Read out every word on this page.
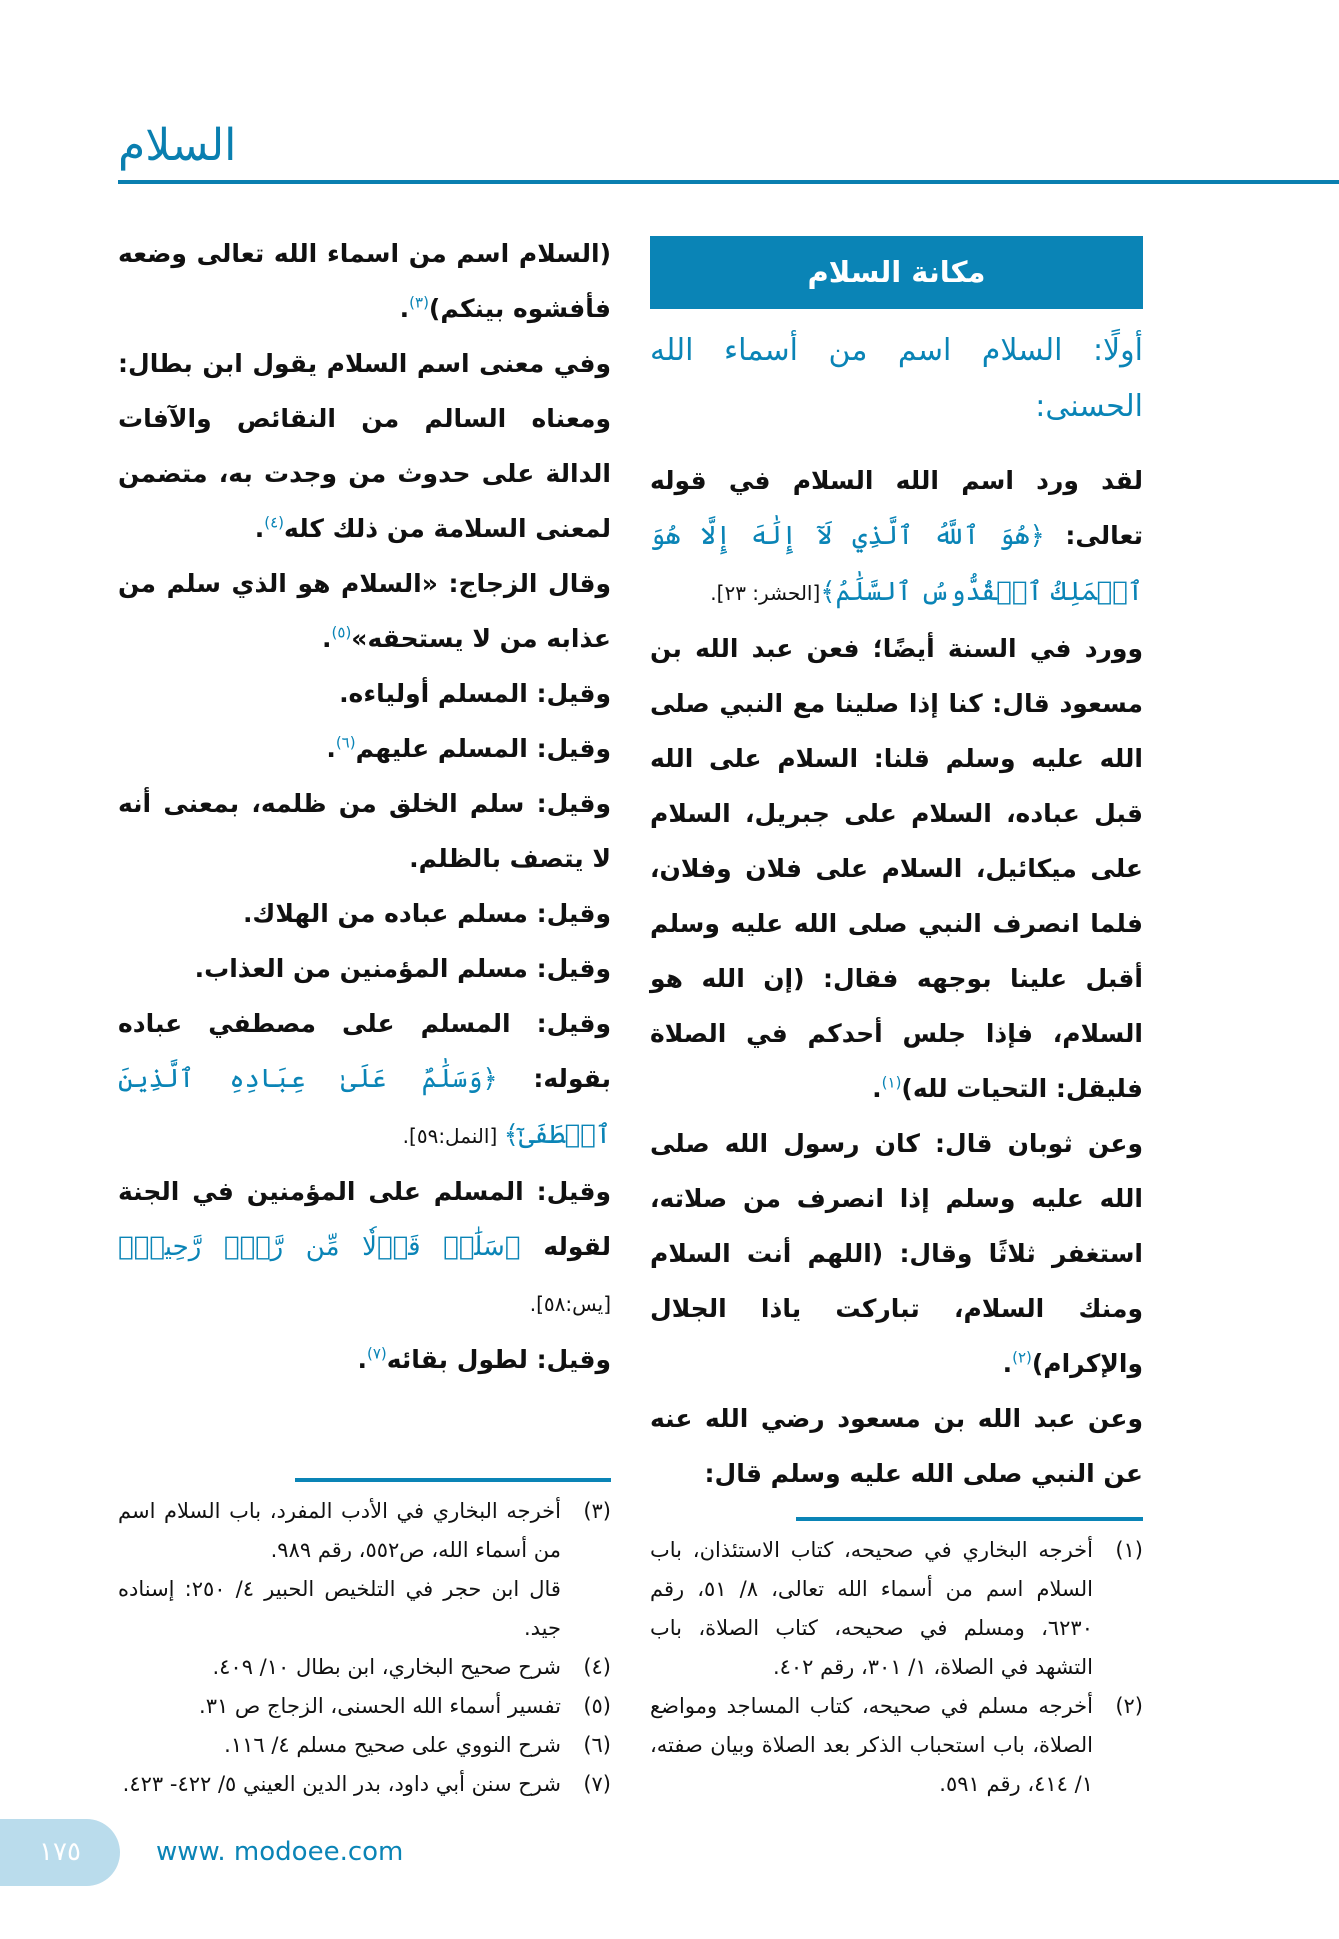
السلام
مكانة السلام
أولًا: السلام اسم من أسماء الله الحسنى:
لقد ورد اسم الله السلام في قوله تعالى: ﴿هُوَ ٱللَّهُ ٱلَّذِي لَآ إِلَٰهَ إِلَّا هُوَ ٱلۡمَلِكُ ٱلۡقُدُّوسُ ٱلسَّلَٰمُ﴾[الحشر: ٢٣].
وورد في السنة أيضًا؛ فعن عبد الله بن مسعود قال: كنا إذا صلينا مع النبي صلى الله عليه وسلم قلنا: السلام على الله قبل عباده، السلام على جبريل، السلام على ميكائيل، السلام على فلان وفلان، فلما انصرف النبي صلى الله عليه وسلم أقبل علينا بوجهه فقال: (إن الله هو السلام، فإذا جلس أحدكم في الصلاة فليقل: التحيات لله)$^{(١)}$.
وعن ثوبان قال: كان رسول الله صلى الله عليه وسلم إذا انصرف من صلاته، استغفر ثلاثًا وقال: (اللهم أنت السلام ومنك السلام، تباركت ياذا الجلال والإكرام)$^{(٢)}$.
وعن عبد الله بن مسعود رضي الله عنه عن النبي صلى الله عليه وسلم قال:
(١)
أخرجه البخاري في صحيحه، كتاب الاستئذان، باب السلام اسم من أسماء الله تعالى، ٨/ ٥١، رقم ٦٢٣٠، ومسلم في صحيحه، كتاب الصلاة، باب التشهد في الصلاة، ١/ ٣٠١، رقم ٤٠٢.
(٢)
أخرجه مسلم في صحيحه، كتاب المساجد ومواضع الصلاة، باب استحباب الذكر بعد الصلاة وبيان صفته، ١/ ٤١٤، رقم ٥٩١.
(السلام اسم من اسماء الله تعالى وضعه فأفشوه بينكم)$^{(٣)}$.
وفي معنى اسم السلام يقول ابن بطال: ومعناه السالم من النقائص والآفات الدالة على حدوث من وجدت به، متضمن لمعنى السلامة من ذلك كله$^{(٤)}$.
وقال الزجاج: «السلام هو الذي سلم من عذابه من لا يستحقه»$^{(٥)}$.
وقيل: المسلم أولياءه.
وقيل: المسلم عليهم$^{(٦)}$.
وقيل: سلم الخلق من ظلمه، بمعنى أنه لا يتصف بالظلم.
وقيل: مسلم عباده من الهلاك.
وقيل: مسلم المؤمنين من العذاب.
وقيل: المسلم على مصطفي عباده بقوله: ﴿وَسَلَٰمٌ عَلَىٰ عِبَادِهِ ٱلَّذِينَ ٱصۡطَفَىٰٓ﴾ [النمل:٥٩].
وقيل: المسلم على المؤمنين في الجنة لقوله ﴿سَلَٰمٞ قَوۡلٗا مِّن رَّبّٖ رَّحِيمٖ﴾[يس:٥٨].
وقيل: لطول بقائه$^{(٧)}$.
(٣)
أخرجه البخاري في الأدب المفرد، باب السلام اسم من أسماء الله، ص٥٥٢، رقم ٩٨٩.
قال ابن حجر في التلخيص الحبير ٤/ ٢٥٠: إسناده جيد.
(٤)
شرح صحيح البخاري، ابن بطال ١٠/ ٤٠٩.
(٥)
تفسير أسماء الله الحسنى، الزجاج ص ٣١.
(٦)
شرح النووي على صحيح مسلم ٤/ ١١٦.
(٧)
شرح سنن أبي داود، بدر الدين العيني ٥/ ٤٢٢- ٤٢٣.
١٧٥	www. modoee.com
